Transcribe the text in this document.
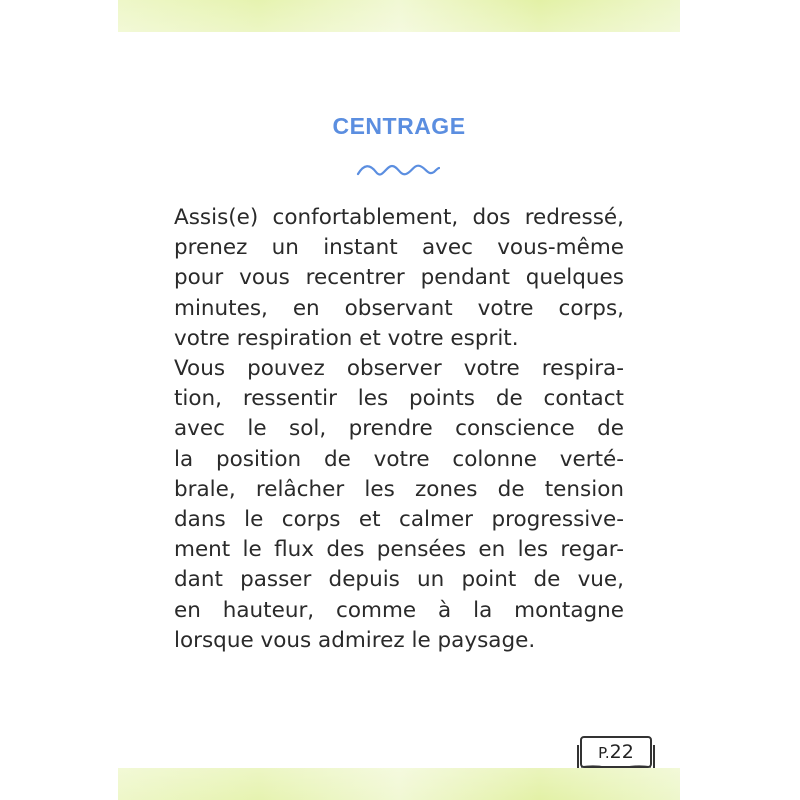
CENTRAGE
Assis(e) confortablement, dos redressé,
prenez un instant avec vous-même
pour vous recentrer pendant quelques
minutes, en observant votre corps,
votre respiration et votre esprit.
Vous pouvez observer votre respira-
tion, ressentir les points de contact
avec le sol, prendre conscience de
la position de votre colonne verté-
brale, relâcher les zones de tension
dans le corps et calmer progressive-
ment le flux des pensées en les regar-
dant passer depuis un point de vue,
en hauteur, comme à la montagne
lorsque vous admirez le paysage.
P.22
